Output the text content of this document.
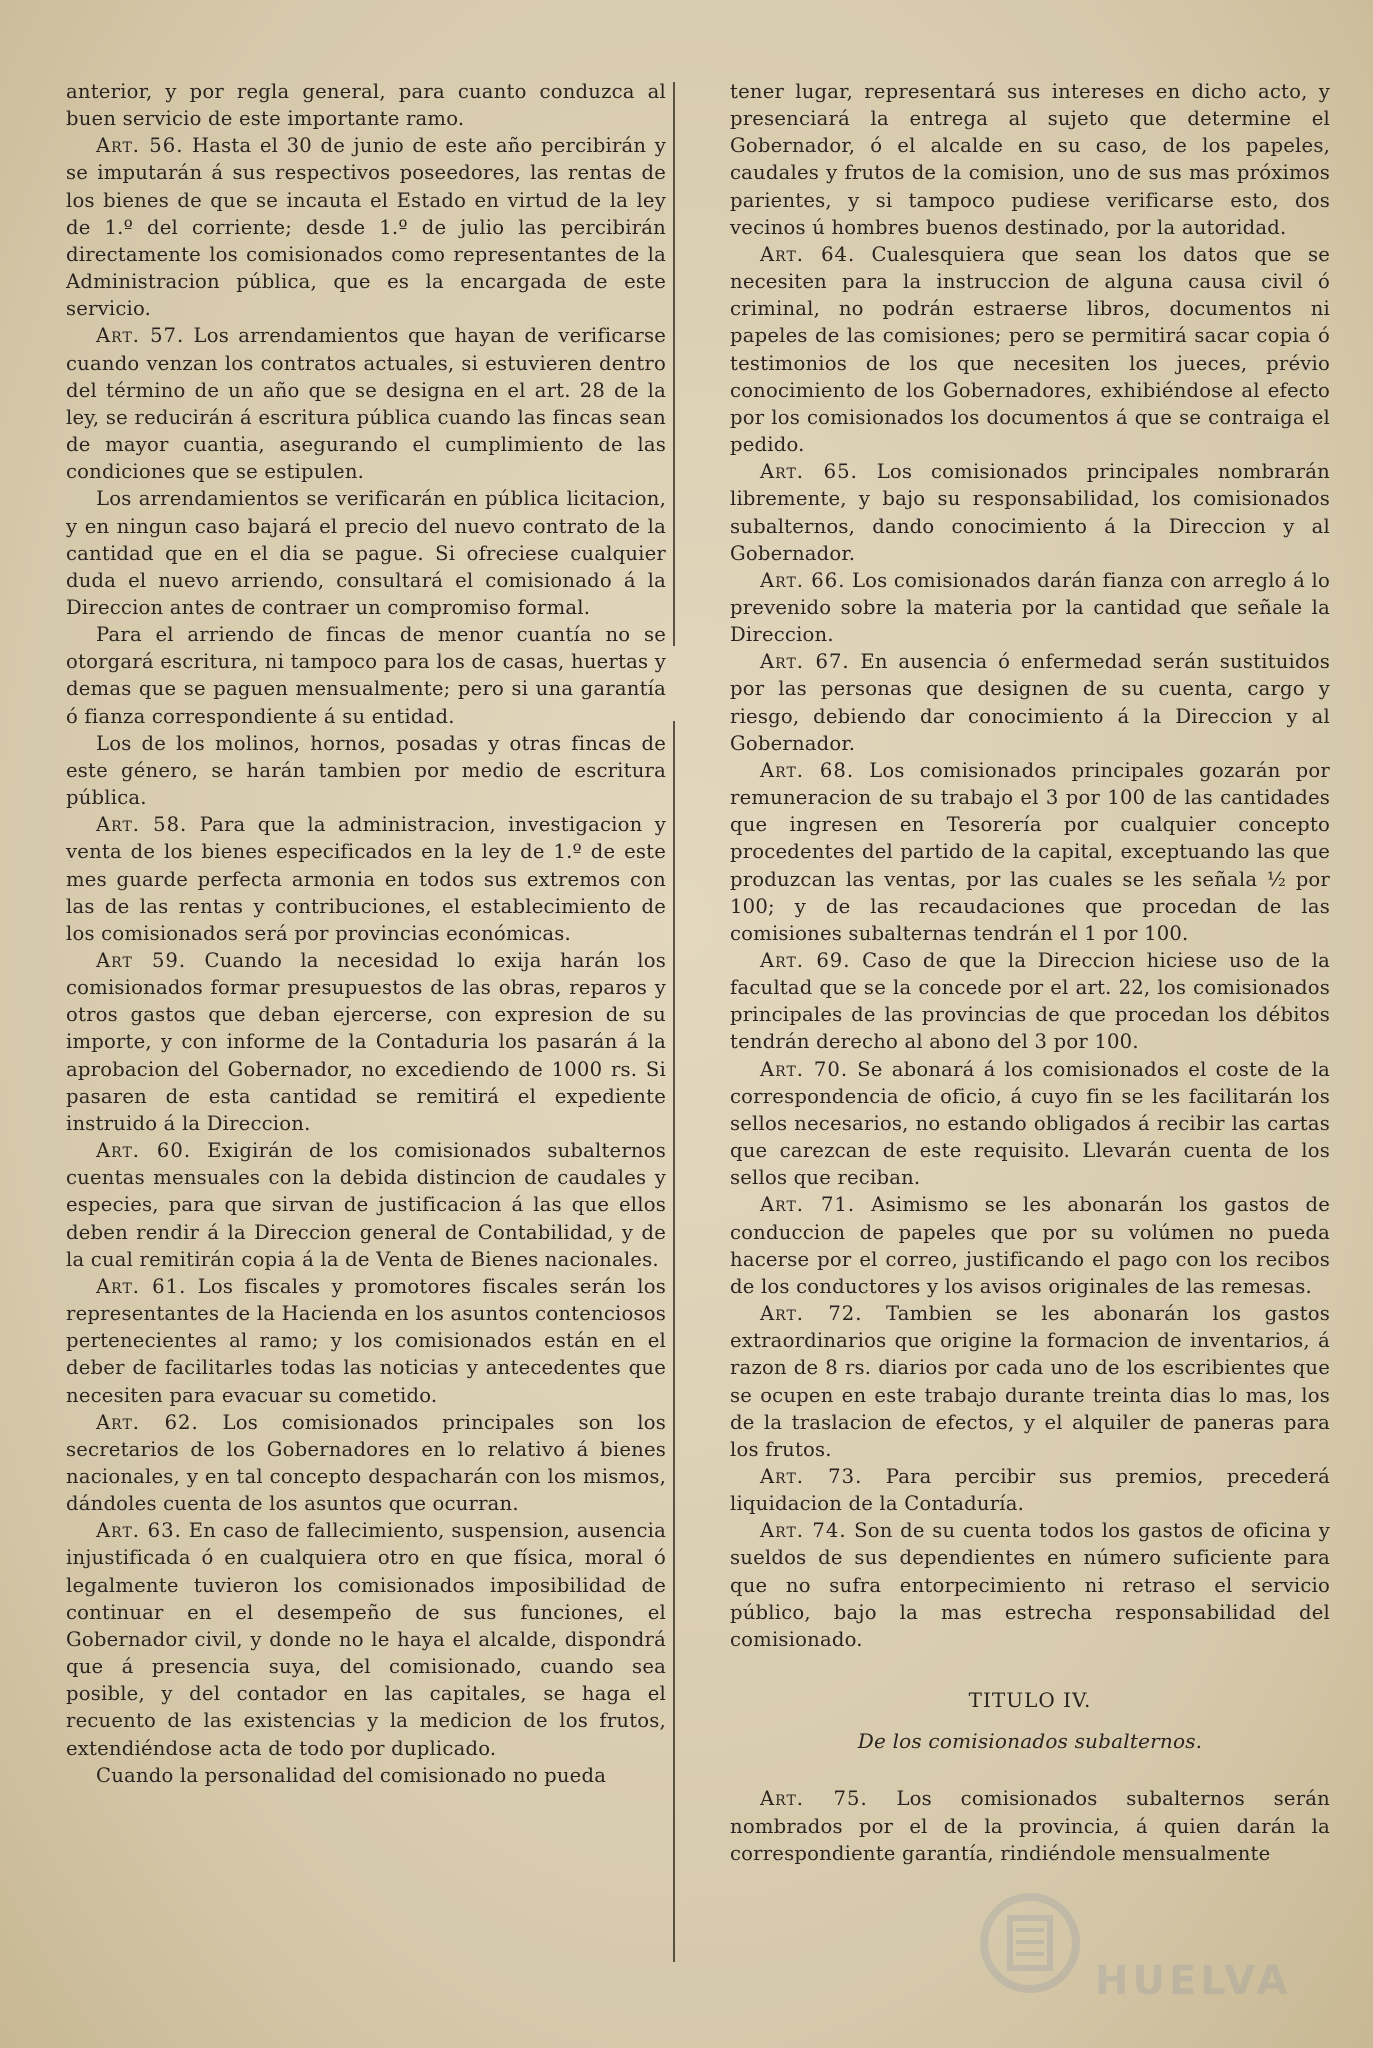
anterior, y por regla general, para cuanto conduzca al buen servicio de este importante ramo.

Art. 56. Hasta el 30 de junio de este año percibirán y se imputarán á sus respectivos poseedores, las rentas de los bienes de que se incauta el Estado en virtud de la ley de 1.º del corriente; desde 1.º de julio las percibirán directamente los comisionados como representantes de la Administracion pública, que es la encargada de este servicio.

Art. 57. Los arrendamientos que hayan de verificarse cuando venzan los contratos actuales, si estuvieren dentro del término de un año que se designa en el art. 28 de la ley, se reducirán á escritura pública cuando las fincas sean de mayor cuantia, asegurando el cumplimiento de las condiciones que se estipulen.

Los arrendamientos se verificarán en pública licitacion, y en ningun caso bajará el precio del nuevo contrato de la cantidad que en el dia se pague. Si ofreciese cualquier duda el nuevo arriendo, consultará el comisionado á la Direccion antes de contraer un compromiso formal.

Para el arriendo de fincas de menor cuantía no se otorgará escritura, ni tampoco para los de casas, huertas y demas que se paguen mensualmente; pero si una garantía ó fianza correspondiente á su entidad.

Los de los molinos, hornos, posadas y otras fincas de este género, se harán tambien por medio de escritura pública.

Art. 58. Para que la administracion, investigacion y venta de los bienes especificados en la ley de 1.º de este mes guarde perfecta armonia en todos sus extremos con las de las rentas y contribuciones, el establecimiento de los comisionados será por provincias económicas.

Art 59. Cuando la necesidad lo exija harán los comisionados formar presupuestos de las obras, reparos y otros gastos que deban ejercerse, con expresion de su importe, y con informe de la Contaduria los pasarán á la aprobacion del Gobernador, no excediendo de 1000 rs. Si pasaren de esta cantidad se remitirá el expediente instruido á la Direccion.

Art. 60. Exigirán de los comisionados subalternos cuentas mensuales con la debida distincion de caudales y especies, para que sirvan de justificacion á las que ellos deben rendir á la Direccion general de Contabilidad, y de la cual remitirán copia á la de Venta de Bienes nacionales.

Art. 61. Los fiscales y promotores fiscales serán los representantes de la Hacienda en los asuntos contenciosos pertenecientes al ramo; y los comisionados están en el deber de facilitarles todas las noticias y antecedentes que necesiten para evacuar su cometido.

Art. 62. Los comisionados principales son los secretarios de los Gobernadores en lo relativo á bienes nacionales, y en tal concepto despacharán con los mismos, dándoles cuenta de los asuntos que ocurran.

Art. 63. En caso de fallecimiento, suspension, ausencia injustificada ó en cualquiera otro en que física, moral ó legalmente tuvieron los comisionados imposibilidad de continuar en el desempeño de sus funciones, el Gobernador civil, y donde no le haya el alcalde, dispondrá que á presencia suya, del comisionado, cuando sea posible, y del contador en las capitales, se haga el recuento de las existencias y la medicion de los frutos, extendiéndose acta de todo por duplicado.

Cuando la personalidad del comisionado no pueda

tener lugar, representará sus intereses en dicho acto, y presenciará la entrega al sujeto que determine el Gobernador, ó el alcalde en su caso, de los papeles, caudales y frutos de la comision, uno de sus mas próximos parientes, y si tampoco pudiese verificarse esto, dos vecinos ú hombres buenos destinado, por la autoridad.

Art. 64. Cualesquiera que sean los datos que se necesiten para la instruccion de alguna causa civil ó criminal, no podrán estraerse libros, documentos ni papeles de las comisiones; pero se permitirá sacar copia ó testimonios de los que necesiten los jueces, prévio conocimiento de los Gobernadores, exhibiéndose al efecto por los comisionados los documentos á que se contraiga el pedido.

Art. 65. Los comisionados principales nombrarán libremente, y bajo su responsabilidad, los comisionados subalternos, dando conocimiento á la Direccion y al Gobernador.

Art. 66. Los comisionados darán fianza con arreglo á lo prevenido sobre la materia por la cantidad que señale la Direccion.

Art. 67. En ausencia ó enfermedad serán sustituidos por las personas que designen de su cuenta, cargo y riesgo, debiendo dar conocimiento á la Direccion y al Gobernador.

Art. 68. Los comisionados principales gozarán por remuneracion de su trabajo el 3 por 100 de las cantidades que ingresen en Tesorería por cualquier concepto procedentes del partido de la capital, exceptuando las que produzcan las ventas, por las cuales se les señala ½ por 100; y de las recaudaciones que procedan de las comisiones subalternas tendrán el 1 por 100.

Art. 69. Caso de que la Direccion hiciese uso de la facultad que se la concede por el art. 22, los comisionados principales de las provincias de que procedan los débitos tendrán derecho al abono del 3 por 100.

Art. 70. Se abonará á los comisionados el coste de la correspondencia de oficio, á cuyo fin se les facilitarán los sellos necesarios, no estando obligados á recibir las cartas que carezcan de este requisito. Llevarán cuenta de los sellos que reciban.

Art. 71. Asimismo se les abonarán los gastos de conduccion de papeles que por su volúmen no pueda hacerse por el correo, justificando el pago con los recibos de los conductores y los avisos originales de las remesas.

Art. 72. Tambien se les abonarán los gastos extraordinarios que origine la formacion de inventarios, á razon de 8 rs. diarios por cada uno de los escribientes que se ocupen en este trabajo durante treinta dias lo mas, los de la traslacion de efectos, y el alquiler de paneras para los frutos.

Art. 73. Para percibir sus premios, precederá liquidacion de la Contaduría.

Art. 74. Son de su cuenta todos los gastos de oficina y sueldos de sus dependientes en número suficiente para que no sufra entorpecimiento ni retraso el servicio público, bajo la mas estrecha responsabilidad del comisionado.

TITULO IV.
De los comisionados subalternos.

Art. 75. Los comisionados subalternos serán nombrados por el de la provincia, á quien darán la correspondiente garantía, rindiéndole mensualmente

HUELVA
